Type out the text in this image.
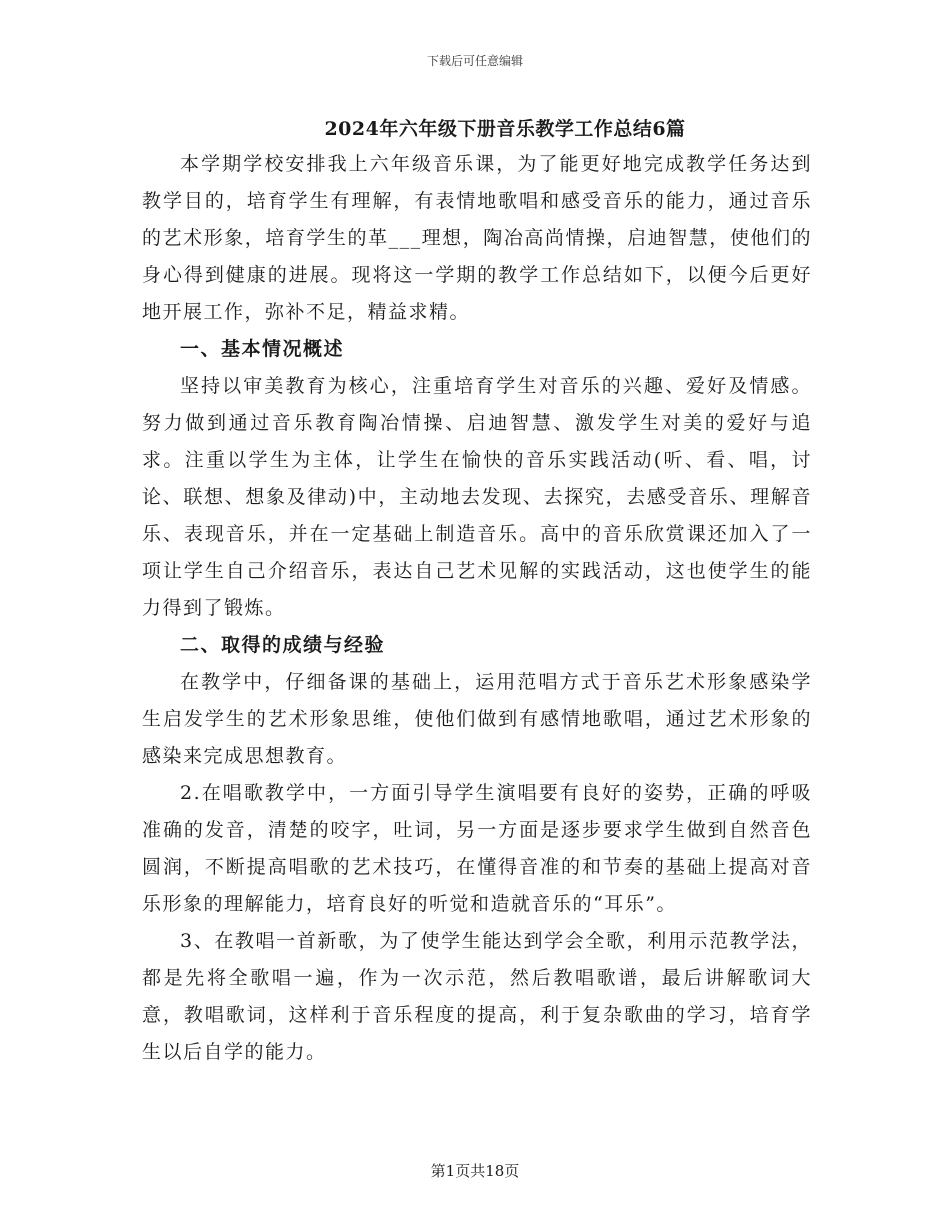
下载后可任意编辑
2024年六年级下册音乐教学工作总结6篇

本学期学校安排我上六年级音乐课，为了能更好地完成教学任务达到教学目的，培育学生有理解，有表情地歌唱和感受音乐的能力，通过音乐的艺术形象，培育学生的革___理想，陶冶高尚情操，启迪智慧，使他们的身心得到健康的进展。现将这一学期的教学工作总结如下，以便今后更好地开展工作，弥补不足，精益求精。

一、基本情况概述

坚持以审美教育为核心，注重培育学生对音乐的兴趣、爱好及情感。努力做到通过音乐教育陶冶情操、启迪智慧、激发学生对美的爱好与追求。注重以学生为主体，让学生在愉快的音乐实践活动(听、看、唱，讨论、联想、想象及律动)中，主动地去发现、去探究，去感受音乐、理解音乐、表现音乐，并在一定基础上制造音乐。高中的音乐欣赏课还加入了一项让学生自己介绍音乐，表达自己艺术见解的实践活动，这也使学生的能力得到了锻炼。

二、取得的成绩与经验

在教学中，仔细备课的基础上，运用范唱方式于音乐艺术形象感染学生启发学生的艺术形象思维，使他们做到有感情地歌唱，通过艺术形象的感染来完成思想教育。

2.在唱歌教学中，一方面引导学生演唱要有良好的姿势，正确的呼吸准确的发音，清楚的咬字，吐词，另一方面是逐步要求学生做到自然音色圆润，不断提高唱歌的艺术技巧，在懂得音准的和节奏的基础上提高对音乐形象的理解能力，培育良好的听觉和造就音乐的“耳乐”。

3、在教唱一首新歌，为了使学生能达到学会全歌，利用示范教学法，都是先将全歌唱一遍，作为一次示范，然后教唱歌谱，最后讲解歌词大意，教唱歌词，这样利于音乐程度的提高，利于复杂歌曲的学习，培育学生以后自学的能力。

第1页共18页
